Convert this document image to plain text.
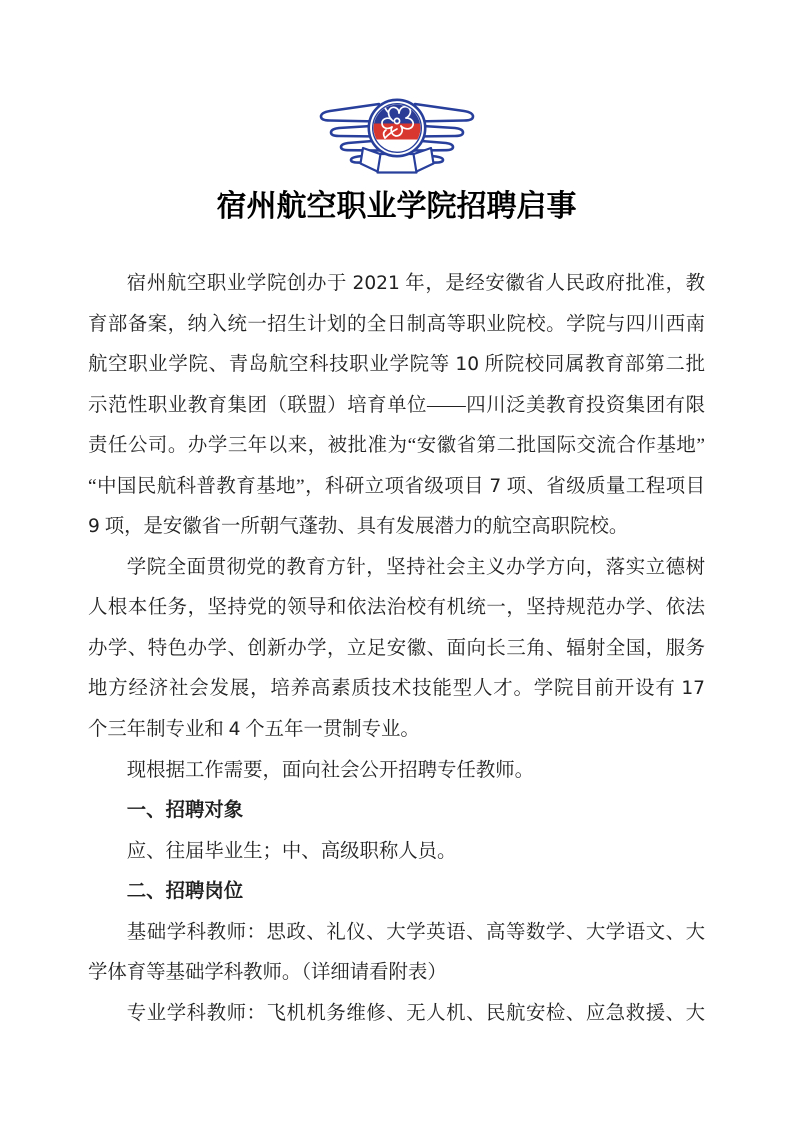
宿州航空职业学院招聘启事
宿州航空职业学院创办于 2021 年，是经安徽省人民政府批准，教
育部备案，纳入统一招生计划的全日制高等职业院校。学院与四川西南
航空职业学院、青岛航空科技职业学院等 10 所院校同属教育部第二批
示范性职业教育集团（联盟）培育单位——四川泛美教育投资集团有限
责任公司。办学三年以来，被批准为“安徽省第二批国际交流合作基地”
“中国民航科普教育基地”，科研立项省级项目 7 项、省级质量工程项目
9 项，是安徽省一所朝气蓬勃、具有发展潜力的航空高职院校。
学院全面贯彻党的教育方针，坚持社会主义办学方向，落实立德树
人根本任务，坚持党的领导和依法治校有机统一，坚持规范办学、依法
办学、特色办学、创新办学，立足安徽、面向长三角、辐射全国，服务
地方经济社会发展，培养高素质技术技能型人才。学院目前开设有 17
个三年制专业和 4 个五年一贯制专业。
现根据工作需要，面向社会公开招聘专任教师。
一、招聘对象
应、往届毕业生；中、高级职称人员。
二、招聘岗位
基础学科教师：思政、礼仪、大学英语、高等数学、大学语文、大
学体育等基础学科教师。（详细请看附表）
专业学科教师：飞机机务维修、无人机、民航安检、应急救援、大
